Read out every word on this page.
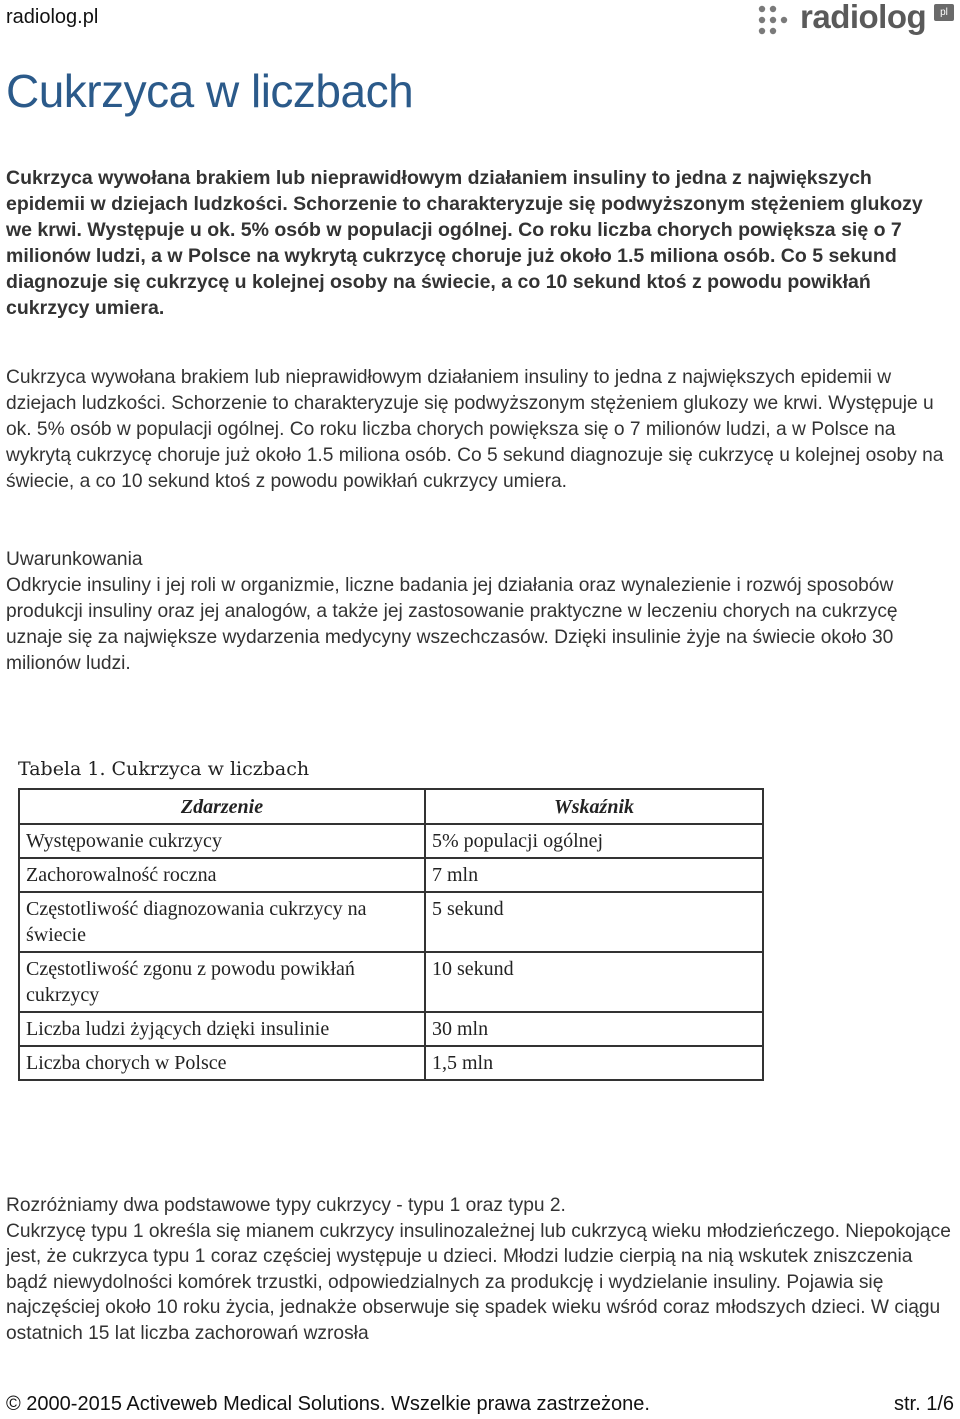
radiolog.pl	radiolog	pl
Cukrzyca w liczbach

Cukrzyca wywołana brakiem lub nieprawidłowym działaniem insuliny to jedna z największych epidemii w dziejach ludzkości. Schorzenie to charakteryzuje się podwyższonym stężeniem glukozy we krwi. Występuje u ok. 5% osób w populacji ogólnej. Co roku liczba chorych powiększa się o 7 milionów ludzi, a w Polsce na wykrytą cukrzycę choruje już około 1.5 miliona osób. Co 5 sekund diagnozuje się cukrzycę u kolejnej osoby na świecie, a co 10 sekund ktoś z powodu powikłań cukrzycy umiera.

Cukrzyca wywołana brakiem lub nieprawidłowym działaniem insuliny to jedna z największych epidemii w dziejach ludzkości. Schorzenie to charakteryzuje się podwyższonym stężeniem glukozy we krwi. Występuje u ok. 5% osób w populacji ogólnej. Co roku liczba chorych powiększa się o 7 milionów ludzi, a w Polsce na wykrytą cukrzycę choruje już około 1.5 miliona osób. Co 5 sekund diagnozuje się cukrzycę u kolejnej osoby na świecie, a co 10 sekund ktoś z powodu powikłań cukrzycy umiera.

Uwarunkowania

Odkrycie insuliny i jej roli w organizmie, liczne badania jej działania oraz wynalezienie i rozwój sposobów produkcji insuliny oraz jej analogów, a także jej zastosowanie praktyczne w leczeniu chorych na cukrzycę uznaje się za największe wydarzenia medycyny wszechczasów. Dzięki insulinie żyje na świecie około 30 milionów ludzi.

Tabela 1. Cukrzyca w liczbach
Zdarzenie	Wskaźnik
Występowanie cukrzycy	5% populacji ogólnej
Zachorowalność roczna	7 mln
Częstotliwość diagnozowania cukrzycy na świecie	5 sekund
Częstotliwość zgonu z powodu powikłań cukrzycy	10 sekund
Liczba ludzi żyjących dzięki insulinie	30 mln
Liczba chorych w Polsce	1,5 mln

Rozróżniamy dwa podstawowe typy cukrzycy - typu 1 oraz typu 2.

Cukrzycę typu 1 określa się mianem cukrzycy insulinozależnej lub cukrzycą wieku młodzieńczego. Niepokojące jest, że cukrzyca typu 1 coraz częściej występuje u dzieci. Młodzi ludzie cierpią na nią wskutek zniszczenia bądź niewydolności komórek trzustki, odpowiedzialnych za produkcję i wydzielanie insuliny. Pojawia się najczęściej około 10 roku życia, jednakże obserwuje się spadek wieku wśród coraz młodszych dzieci. W ciągu ostatnich 15 lat liczba zachorowań wzrosła

© 2000-2015 Activeweb Medical Solutions. Wszelkie prawa zastrzeżone.	str. 1/6
